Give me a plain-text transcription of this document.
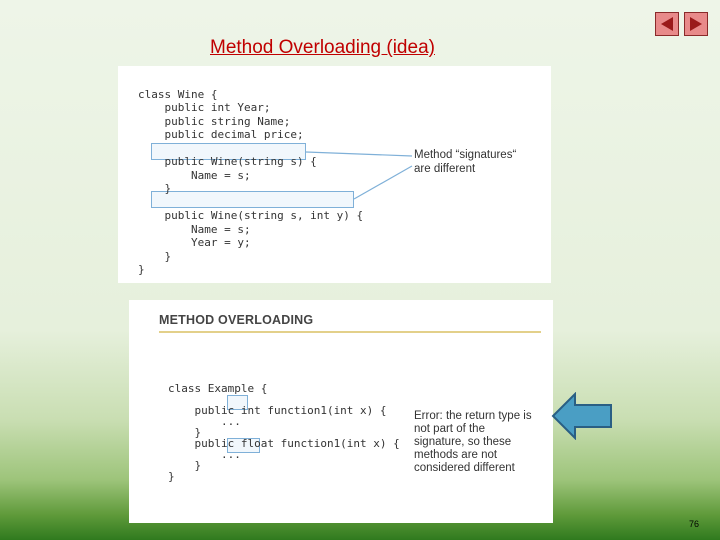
Method Overloading (idea)

class Wine {
public int Year;
public string Name;
public decimal price;

public Wine(string s) {
Name = s;
}

public Wine(string s, int y) {
Name = s;
Year = y;
}
}
Method “signatures“
are different
METHOD OVERLOADING

class Example {

public int function1(int x) {
...
}
public float function1(int x) {
...
}
}
Error: the return type is
not part of the
signature, so these
methods are not
considered different
76
